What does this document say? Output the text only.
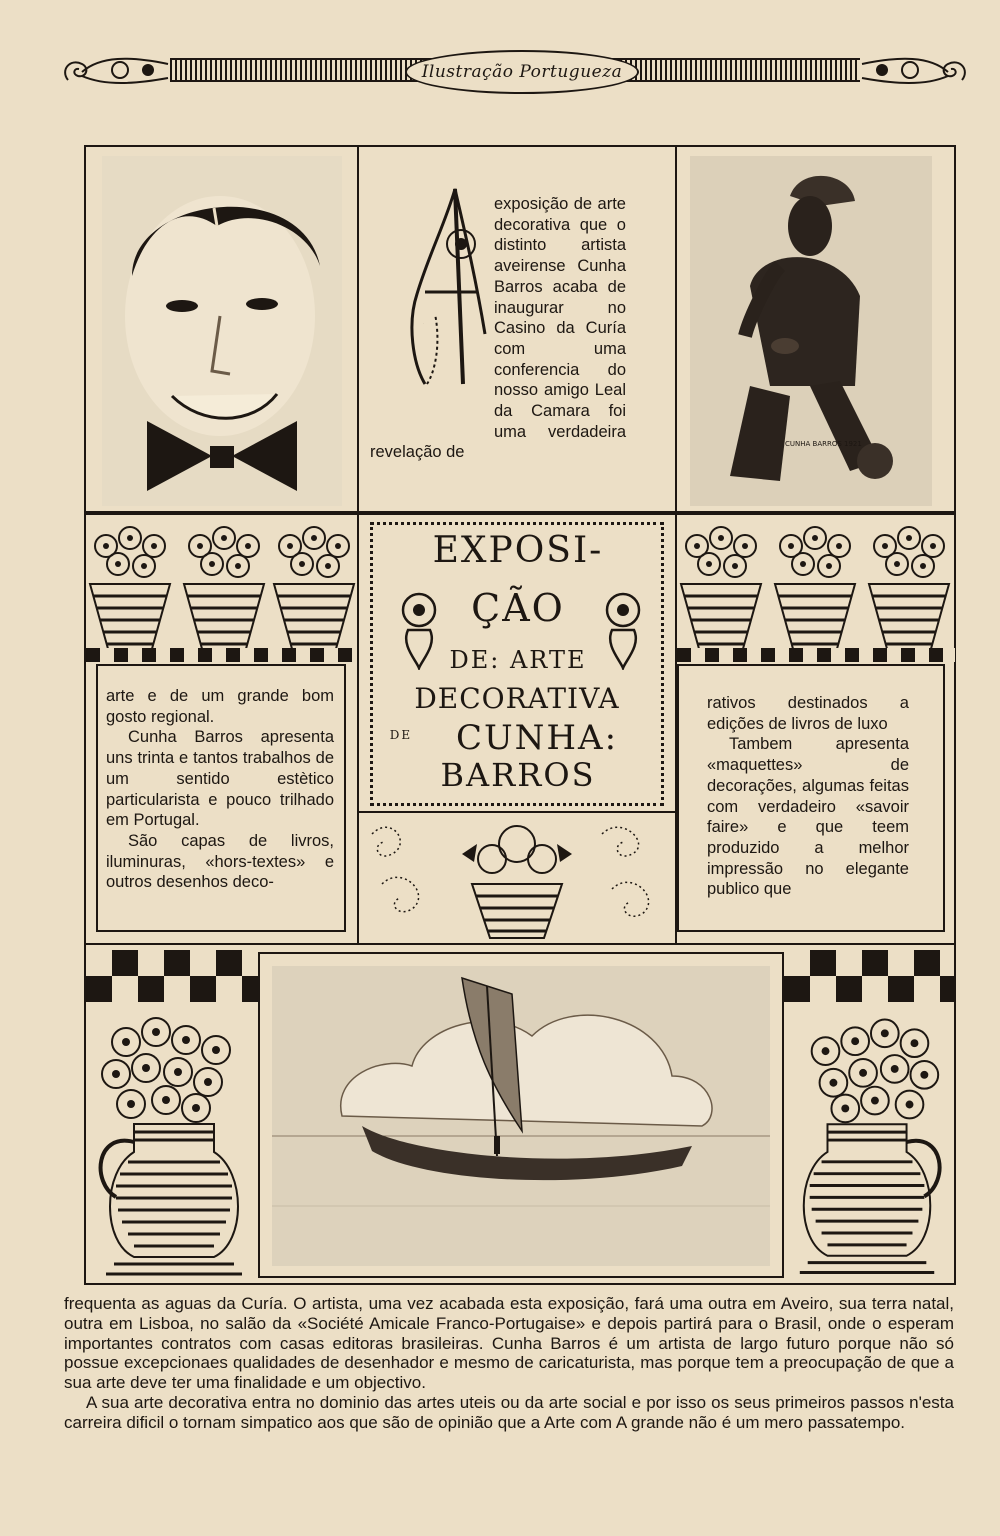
Ilustração Portugueza
A

exposição de arte decorativa que o distinto artista aveirense Cunha Barros acaba de inaugurar no Casino da Curía com uma conferencia do nosso amigo Leal da Camara foi uma verdadeira revelação de	CUNHA BARROS 1921

arte e de um grande bom gosto regional.

Cunha Barros apresenta uns trinta e tantos trabalhos de um sentido estètico particularista e pouco trilhado em Portugal.

São capas de livros, iluminuras, «hors-textes» e outros desenhos deco-

rativos destinados a edições de livros de luxo

Tambem apresenta «maquettes» de decorações, algumas feitas com verdadeiro «savoir faire» e que teem produzido a melhor impressão no elegante publico que

EXPOSI-
ÇÃO
DE: ARTE
DECORATIVA
DE	CUNHA:
BARROS

frequenta as aguas da Curía. O artista, uma vez acabada esta exposição, fará uma outra em Aveiro, sua terra natal, outra em Lisboa, no salão da «Société Amicale Franco-Portugaise» e depois partirá para o Brasil, onde o esperam importantes contratos com casas editoras brasileiras. Cunha Barros é um artista de largo futuro porque não só possue excepcionaes qualidades de desenhador e mesmo de caricaturista, mas porque tem a preocupação de que a sua arte deve ter uma finalidade e um objectivo.

A sua arte decorativa entra no dominio das artes uteis ou da arte social e por isso os seus primeiros passos n'esta carreira dificil o tornam simpatico aos que são de opinião que a Arte com A grande não é um mero passatempo.
